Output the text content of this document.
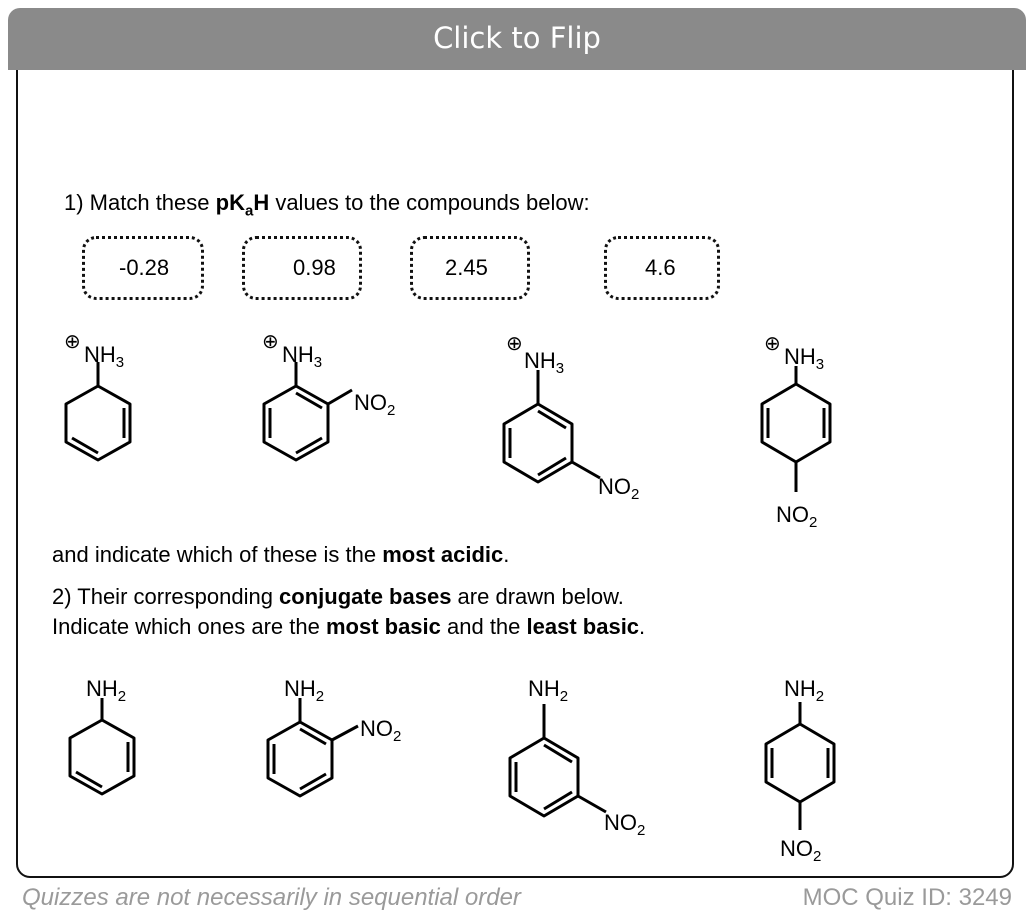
Click to Flip
1) Match these $pK_aH$ values to the compounds below:
-0.28	0.98	2.45	4.6
$NH_3$
⊕	$NH_3$
⊕
$NO_2$
$NH_3$
⊕
$NO_2$
$NH_3$
⊕
$NO_2$
and indicate which of these is the most acidic.
2) Their corresponding conjugate bases are drawn below.
Indicate which ones are the most basic and the least basic.
$NH_2$	$NH_2$
$NO_2$
$NH_2$
$NO_2$
$NH_2$
$NO_2$
Quizzes are not necessarily in sequential order	MOC Quiz ID: 3249
